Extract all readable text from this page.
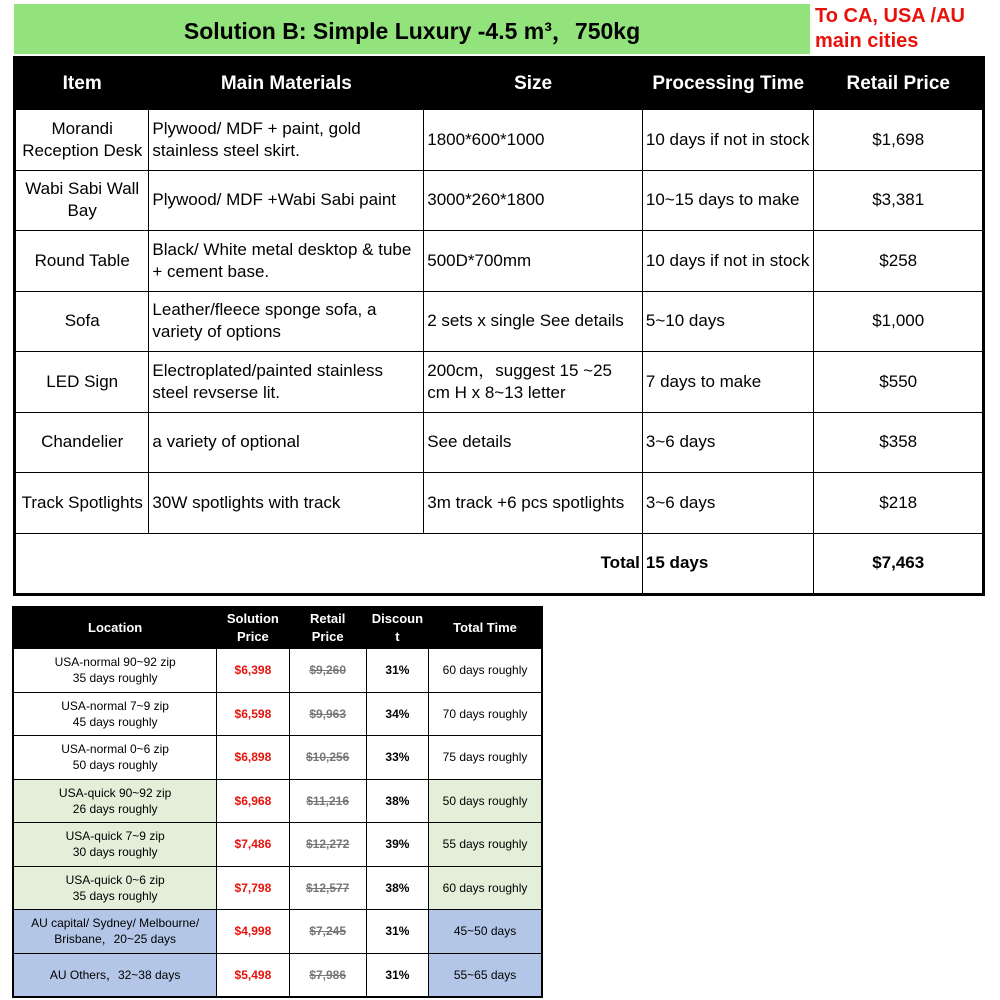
Solution B: Simple Luxury -4.5 m³，750kg
To CA, USA /AU
main cities
Item	Main Materials	Size	Processing Time	Retail Price
Morandi Reception Desk	Plywood/ MDF + paint, gold stainless steel skirt.	1800*600*1000	10 days if not in stock	$1,698
Wabi Sabi Wall Bay	Plywood/ MDF +Wabi Sabi paint	3000*260*1800	10~15 days to make	$3,381
Round Table	Black/ White metal desktop & tube + cement base.	500D*700mm	10 days if not in stock	$258
Sofa	Leather/fleece sponge sofa, a variety of options	2 sets x single See details	5~10 days	$1,000
LED Sign	Electroplated/painted stainless steel revserse lit.	200cm，suggest 15 ~25 cm H x 8~13 letter	7 days to make	$550
Chandelier	a variety of optional	See details	3~6 days	$358
Track Spotlights	30W spotlights with track	3m track +6 pcs spotlights	3~6 days	$218
Total			15 days	$7,463
Location	Solution Price	Retail Price	Discount	Total Time

USA-normal 90~92 zip
35 days roughly	$6,398	$9,260	31%	60 days roughly

USA-normal 7~9 zip
45 days roughly	$6,598	$9,963	34%	70 days roughly

USA-normal 0~6 zip
50 days roughly	$6,898	$10,256	33%	75 days roughly

USA-quick 90~92 zip
26 days roughly	$6,968	$11,216	38%	50 days roughly

USA-quick 7~9 zip
30 days roughly	$7,486	$12,272	39%	55 days roughly

USA-quick 0~6 zip
35 days roughly	$7,798	$12,577	38%	60 days roughly

AU capital/ Sydney/ Melbourne/
Brisbane，20~25 days	$4,998	$7,245	31%	45~50 days

AU Others，32~38 days	$5,498	$7,986	31%	55~65 days
